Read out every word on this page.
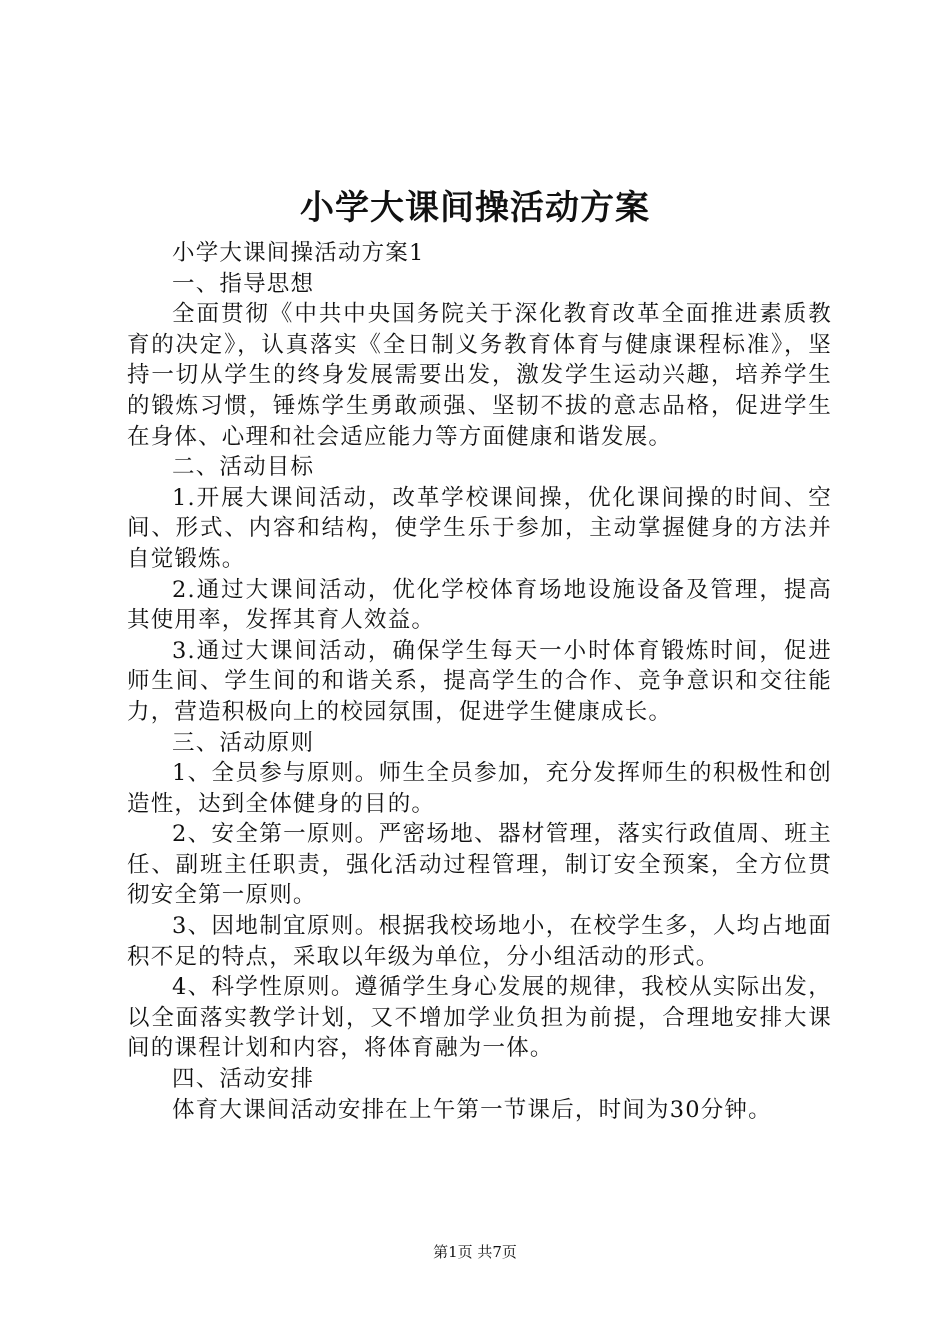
小学大课间操活动方案

小学大课间操活动方案1

一、指导思想

全面贯彻《中共中央国务院关于深化教育改革全面推进素质教育的决定》，认真落实《全日制义务教育体育与健康课程标准》，坚持一切从学生的终身发展需要出发，激发学生运动兴趣，培养学生的锻炼习惯，锤炼学生勇敢顽强、坚韧不拔的意志品格，促进学生在身体、心理和社会适应能力等方面健康和谐发展。

二、活动目标

1.开展大课间活动，改革学校课间操，优化课间操的时间、空间、形式、内容和结构，使学生乐于参加，主动掌握健身的方法并自觉锻炼。

2.通过大课间活动，优化学校体育场地设施设备及管理，提高其使用率，发挥其育人效益。

3.通过大课间活动，确保学生每天一小时体育锻炼时间，促进师生间、学生间的和谐关系，提高学生的合作、竞争意识和交往能力，营造积极向上的校园氛围，促进学生健康成长。

三、活动原则

1、全员参与原则。师生全员参加，充分发挥师生的积极性和创造性，达到全体健身的目的。

2、安全第一原则。严密场地、器材管理，落实行政值周、班主任、副班主任职责，强化活动过程管理，制订安全预案，全方位贯彻安全第一原则。

3、因地制宜原则。根据我校场地小，在校学生多，人均占地面积不足的特点，采取以年级为单位，分小组活动的形式。

4、科学性原则。遵循学生身心发展的规律，我校从实际出发，以全面落实教学计划，又不增加学业负担为前提，合理地安排大课间的课程计划和内容，将体育融为一体。

四、活动安排

体育大课间活动安排在上午第一节课后，时间为30分钟。

第1页 共7页
